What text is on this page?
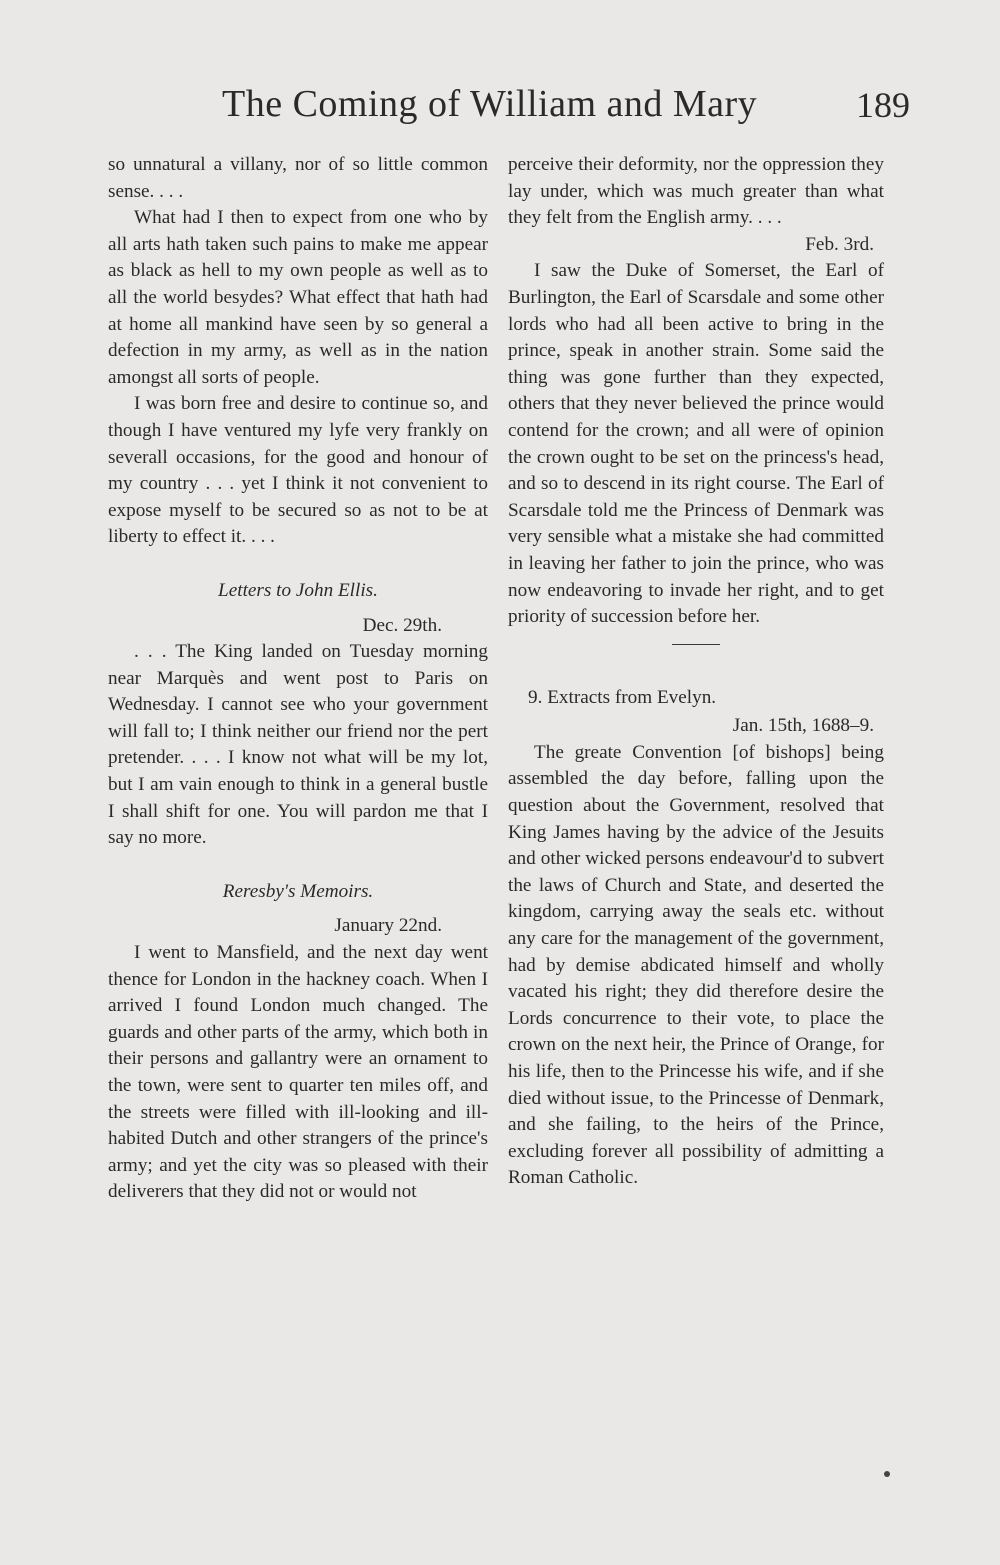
The Coming of William and Mary	189

so unnatural a villany, nor of so little common sense. . . .

What had I then to expect from one who by all arts hath taken such pains to make me appear as black as hell to my own people as well as to all the world besydes? What effect that hath had at home all mankind have seen by so general a defection in my army, as well as in the nation amongst all sorts of people.

I was born free and desire to continue so, and though I have ventured my lyfe very frankly on severall occasions, for the good and honour of my country . . . yet I think it not convenient to expose myself to be secured so as not to be at liberty to effect it. . . .

Letters to John Ellis.
Dec. 29th.

. . . The King landed on Tuesday morning near Marquès and went post to Paris on Wednesday. I cannot see who your government will fall to; I think neither our friend nor the pert pretender. . . . I know not what will be my lot, but I am vain enough to think in a general bustle I shall shift for one. You will pardon me that I say no more.

Reresby's Memoirs.
January 22nd.

I went to Mansfield, and the next day went thence for London in the hackney coach. When I arrived I found London much changed. The guards and other parts of the army, which both in their persons and gallantry were an ornament to the town, were sent to quarter ten miles off, and the streets were filled with ill-looking and ill-habited Dutch and other strangers of the prince's army; and yet the city was so pleased with their deliverers that they did not or would not

perceive their deformity, nor the oppression they lay under, which was much greater than what they felt from the English army. . . .

Feb. 3rd.

I saw the Duke of Somerset, the Earl of Burlington, the Earl of Scarsdale and some other lords who had all been active to bring in the prince, speak in another strain. Some said the thing was gone further than they expected, others that they never believed the prince would contend for the crown; and all were of opinion the crown ought to be set on the princess's head, and so to descend in its right course. The Earl of Scarsdale told me the Princess of Denmark was very sensible what a mistake she had committed in leaving her father to join the prince, who was now endeavoring to invade her right, and to get priority of succession before her.

9. Extracts from Evelyn.
Jan. 15th, 1688–9.

The greate Convention [of bishops] being assembled the day before, falling upon the question about the Government, resolved that King James having by the advice of the Jesuits and other wicked persons endeavour'd to subvert the laws of Church and State, and deserted the kingdom, carrying away the seals etc. without any care for the management of the government, had by demise abdicated himself and wholly vacated his right; they did therefore desire the Lords concurrence to their vote, to place the crown on the next heir, the Prince of Orange, for his life, then to the Princesse his wife, and if she died without issue, to the Princesse of Denmark, and she failing, to the heirs of the Prince, excluding forever all possibility of admitting a Roman Catholic.
